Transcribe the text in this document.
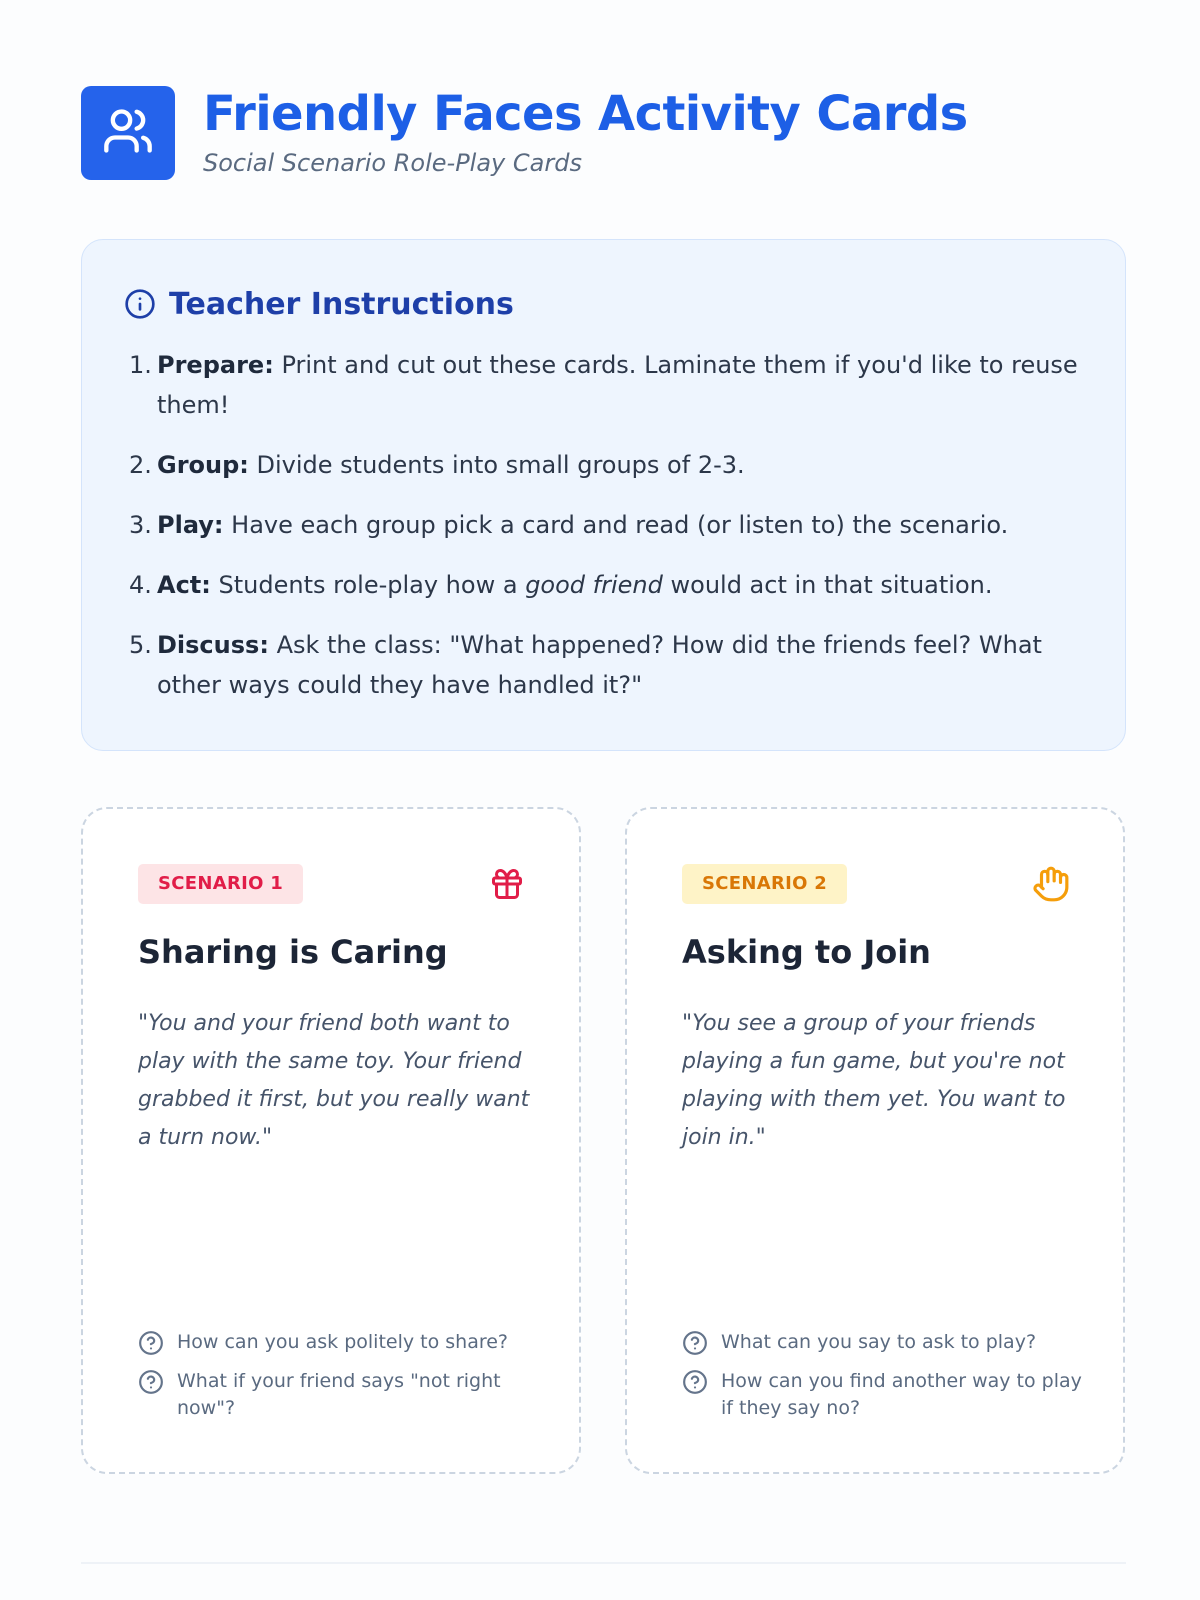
Friendly Faces Activity Cards

Social Scenario Role-Play Cards

Teacher Instructions
1. Prepare: Print and cut out these cards. Laminate them if you'd like to reuse them!
2. Group: Divide students into small groups of 2-3.
3. Play: Have each group pick a card and read (or listen to) the scenario.
4. Act: Students role-play how a good friend would act in that situation.
5. Discuss: Ask the class: "What happened? How did the friends feel? What other ways could they have handled it?"
SCENARIO 1
Sharing is Caring

"You and your friend both want to play with the same toy. Your friend grabbed it first, but you really want a turn now."

How can you ask politely to share?
What if your friend says "not right now"?
SCENARIO 2
Asking to Join

"You see a group of your friends playing a fun game, but you're not playing with them yet. You want to join in."

What can you say to ask to play?
How can you find another way to play if they say no?
